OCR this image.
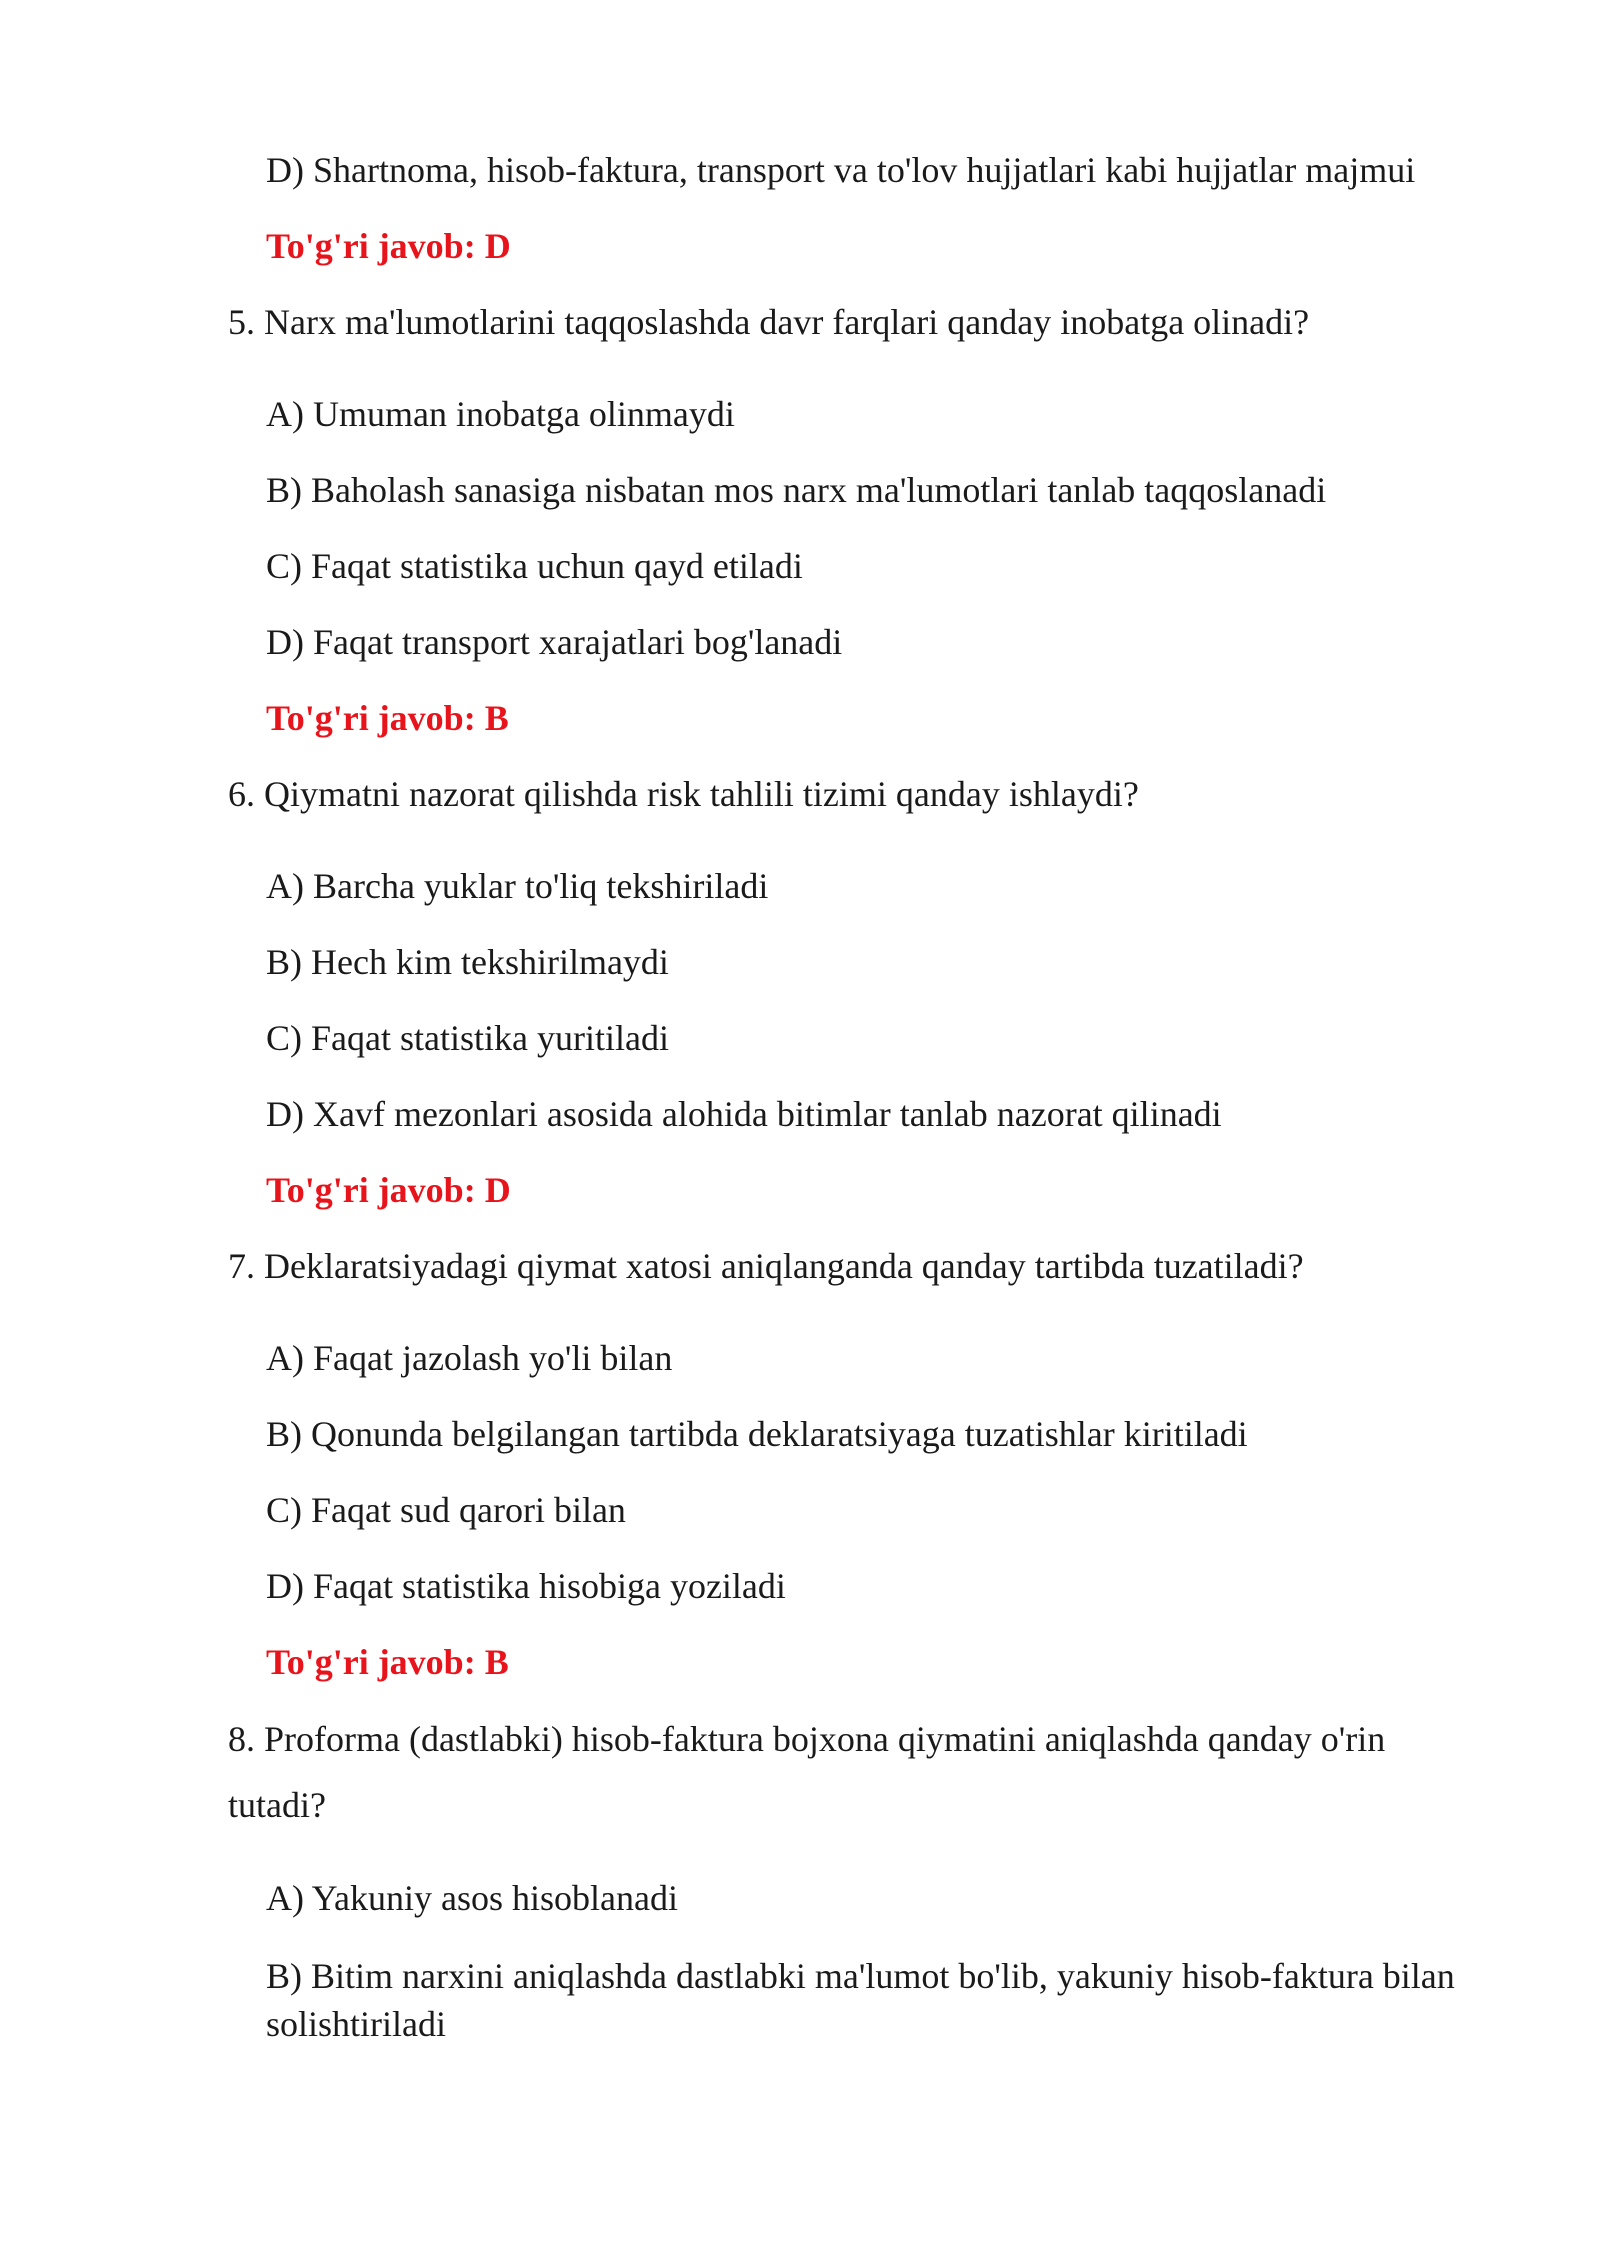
D) Shartnoma, hisob-faktura, transport va to'lov hujjatlari kabi hujjatlar majmui

To'g'ri javob: D

5. Narx ma'lumotlarini taqqoslashda davr farqlari qanday inobatga olinadi?

A) Umuman inobatga olinmaydi

B) Baholash sanasiga nisbatan mos narx ma'lumotlari tanlab taqqoslanadi

C) Faqat statistika uchun qayd etiladi

D) Faqat transport xarajatlari bog'lanadi

To'g'ri javob: B

6. Qiymatni nazorat qilishda risk tahlili tizimi qanday ishlaydi?

A) Barcha yuklar to'liq tekshiriladi

B) Hech kim tekshirilmaydi

C) Faqat statistika yuritiladi

D) Xavf mezonlari asosida alohida bitimlar tanlab nazorat qilinadi

To'g'ri javob: D

7. Deklaratsiyadagi qiymat xatosi aniqlanganda qanday tartibda tuzatiladi?

A) Faqat jazolash yo'li bilan

B) Qonunda belgilangan tartibda deklaratsiyaga tuzatishlar kiritiladi

C) Faqat sud qarori bilan

D) Faqat statistika hisobiga yoziladi

To'g'ri javob: B

8. Proforma (dastlabki) hisob-faktura bojxona qiymatini aniqlashda qanday o'rin tutadi?

A) Yakuniy asos hisoblanadi

B) Bitim narxini aniqlashda dastlabki ma'lumot bo'lib, yakuniy hisob-faktura bilan solishtiriladi
